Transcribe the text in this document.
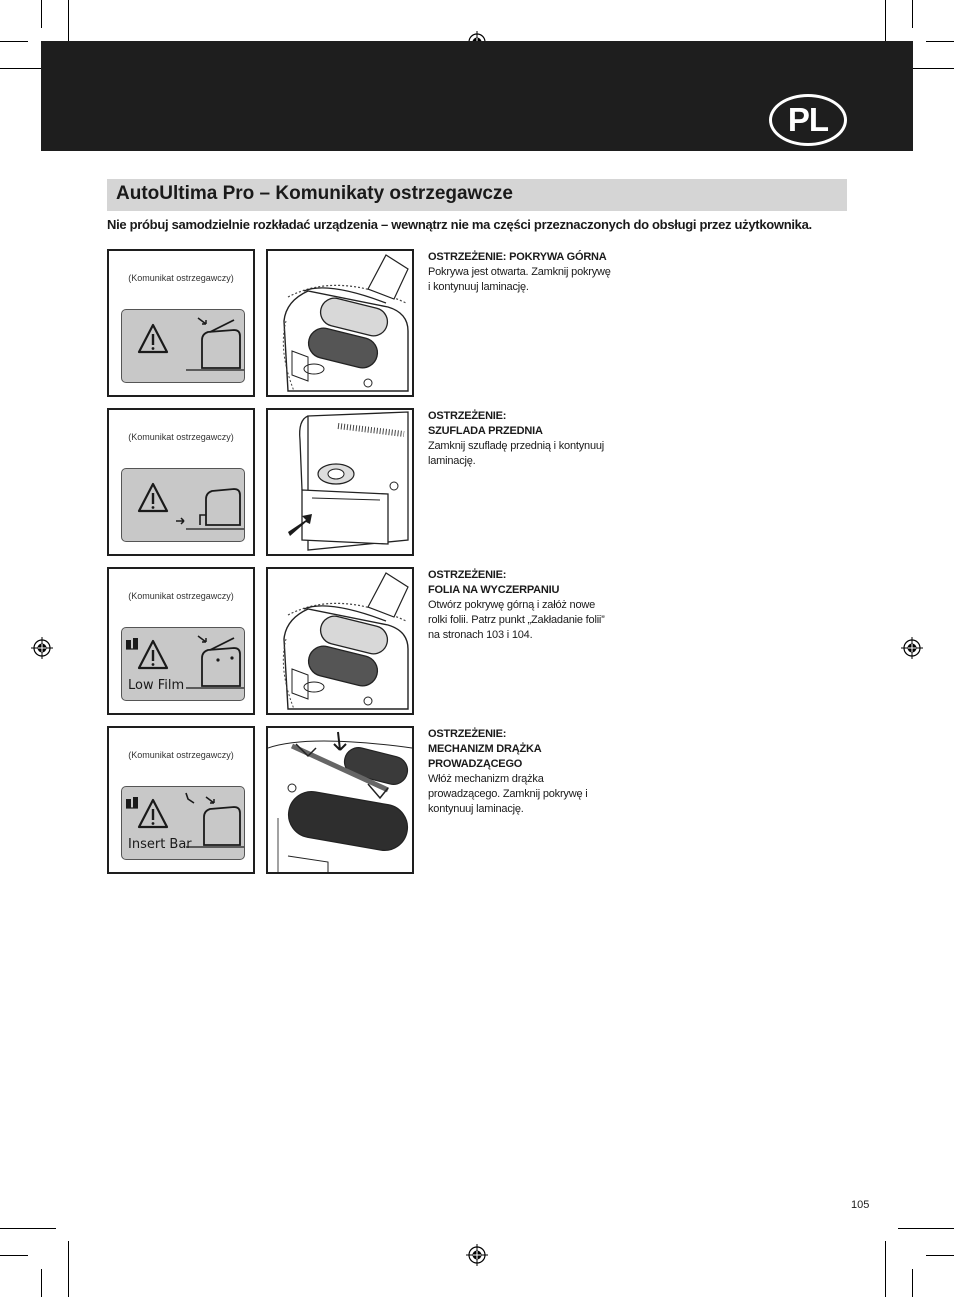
PL
AutoUltima Pro – Komunikaty ostrzegawcze
Nie próbuj samodzielnie rozkładać urządzenia – wewnątrz nie ma części przeznaczonych do obsługi przez użytkownika.
(Komunikat ostrzegawczy)
OSTRZEŻENIE: POKRYWA GÓRNA
Pokrywa jest otwarta. Zamknij pokrywę
i kontynuuj laminację.
(Komunikat ostrzegawczy)
OSTRZEŻENIE:
SZUFLADA PRZEDNIA
Zamknij szufladę przednią i kontynuuj
laminację.
(Komunikat ostrzegawczy)
Low Film
OSTRZEŻENIE:
FOLIA NA WYCZERPANIU
Otwórz pokrywę górną i załóż nowe
rolki folii. Patrz punkt „Zakładanie folii”
na stronach 103 i 104.
(Komunikat ostrzegawczy)
Insert Bar
OSTRZEŻENIE:
MECHANIZM DRĄŻKA
PROWADZĄCEGO
Włóż mechanizm drążka
prowadzącego. Zamknij pokrywę i
kontynuuj laminację.
105
